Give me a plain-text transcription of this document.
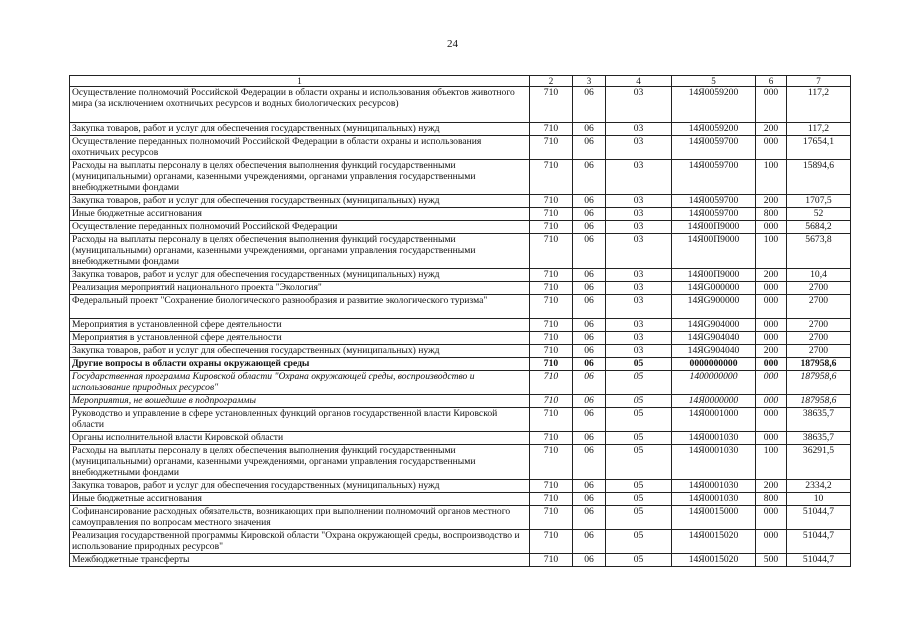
24
1	2	3	4	5	6	7
Осуществление полномочий Российской Федерации в области охраны и использования объектов животного мира (за исключением охотничьих ресурсов и водных биологических ресурсов)	710	06	03	14Я0059200	000	117,2
Закупка товаров, работ и услуг для обеспечения государственных (муниципальных) нужд	710	06	03	14Я0059200	200	117,2
Осуществление переданных полномочий Российской Федерации в области охраны и использования охотничьих ресурсов	710	06	03	14Я0059700	000	17654,1
Расходы на выплаты персоналу в целях обеспечения выполнения функций государственными (муниципальными) органами, казенными учреждениями, органами управления государственными внебюджетными фондами	710	06	03	14Я0059700	100	15894,6
Закупка товаров, работ и услуг для обеспечения государственных (муниципальных) нужд	710	06	03	14Я0059700	200	1707,5
Иные бюджетные ассигнования	710	06	03	14Я0059700	800	52
Осуществление переданных полномочий Российской Федерации	710	06	03	14Я00П9000	000	5684,2
Расходы на выплаты персоналу в целях обеспечения выполнения функций государственными (муниципальными) органами, казенными учреждениями, органами управления государственными внебюджетными фондами	710	06	03	14Я00П9000	100	5673,8
Закупка товаров, работ и услуг для обеспечения государственных (муниципальных) нужд	710	06	03	14Я00П9000	200	10,4
Реализация мероприятий национального проекта "Экология"	710	06	03	14ЯG000000	000	2700
Федеральный проект "Сохранение биологического разнообразия и развитие экологического туризма"	710	06	03	14ЯG900000	000	2700
Мероприятия в установленной сфере деятельности	710	06	03	14ЯG904000	000	2700
Мероприятия в установленной сфере деятельности	710	06	03	14ЯG904040	000	2700
Закупка товаров, работ и услуг для обеспечения государственных (муниципальных) нужд	710	06	03	14ЯG904040	200	2700
Другие вопросы в области охраны окружающей среды	710	06	05	0000000000	000	187958,6
Государственная программа Кировской области "Охрана окружающей среды, воспроизводство и использование природных ресурсов"	710	06	05	1400000000	000	187958,6
Мероприятия, не вошедшие в подпрограммы	710	06	05	14Я0000000	000	187958,6
Руководство и управление в сфере установленных функций органов государственной власти Кировской области	710	06	05	14Я0001000	000	38635,7
Органы исполнительной власти Кировской области	710	06	05	14Я0001030	000	38635,7
Расходы на выплаты персоналу в целях обеспечения выполнения функций государственными (муниципальными) органами, казенными учреждениями, органами управления государственными внебюджетными фондами	710	06	05	14Я0001030	100	36291,5
Закупка товаров, работ и услуг для обеспечения государственных (муниципальных) нужд	710	06	05	14Я0001030	200	2334,2
Иные бюджетные ассигнования	710	06	05	14Я0001030	800	10
Софинансирование расходных обязательств, возникающих при выполнении полномочий органов местного самоуправления по вопросам местного значения	710	06	05	14Я0015000	000	51044,7
Реализация государственной программы Кировской области "Охрана окружающей среды, воспроизводство и использование природных ресурсов"	710	06	05	14Я0015020	000	51044,7
Межбюджетные трансферты	710	06	05	14Я0015020	500	51044,7
